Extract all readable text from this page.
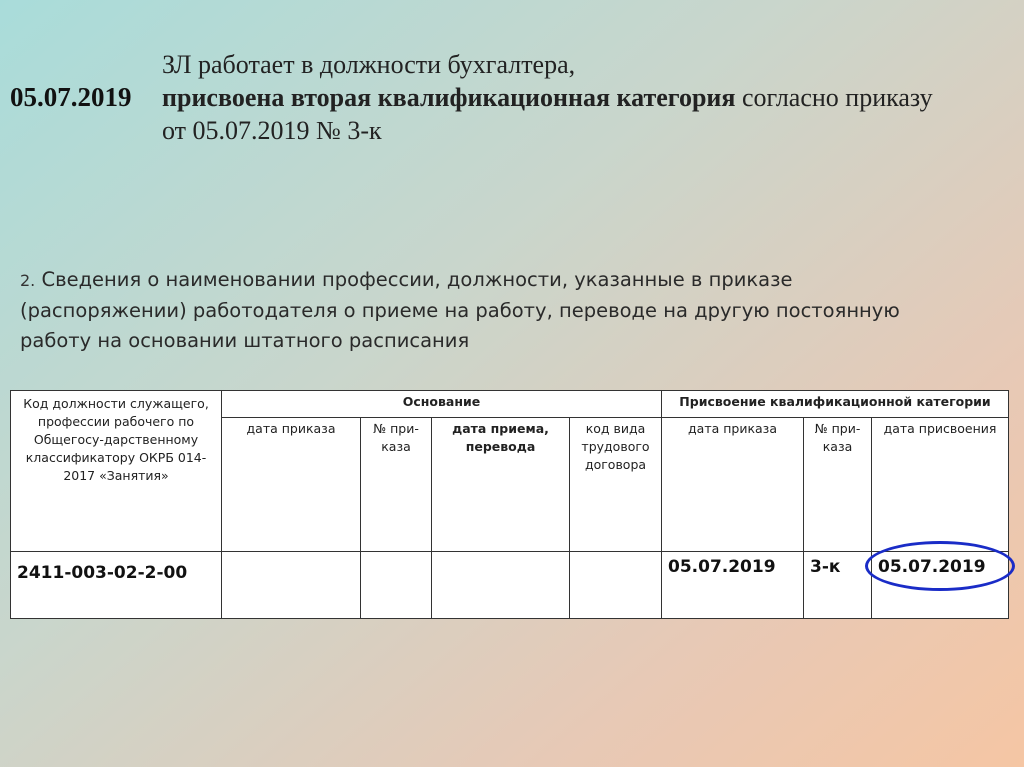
05.07.2019
ЗЛ работает в должности бухгалтера,
присвоена вторая квалификационная категория согласно приказу
от 05.07.2019 № 3-к
2. Сведения о наименовании профессии, должности, указанные в приказе
(распоряжении) работодателя о приеме на работу, переводе на другую постоянную
работу на основании штатного расписания
Код должности служащего, профессии рабочего по Общегосу-дарственному классификатору ОКРБ 014-2017 «Занятия»	Основание				Присвоение квалификационной категории		
	дата приказа	№ при-каза	дата приема, перевода	код вида трудового договора	дата приказа	№ при-каза	дата присвоения
2411-003-02-2-00					05.07.2019	3-к	05.07.2019
